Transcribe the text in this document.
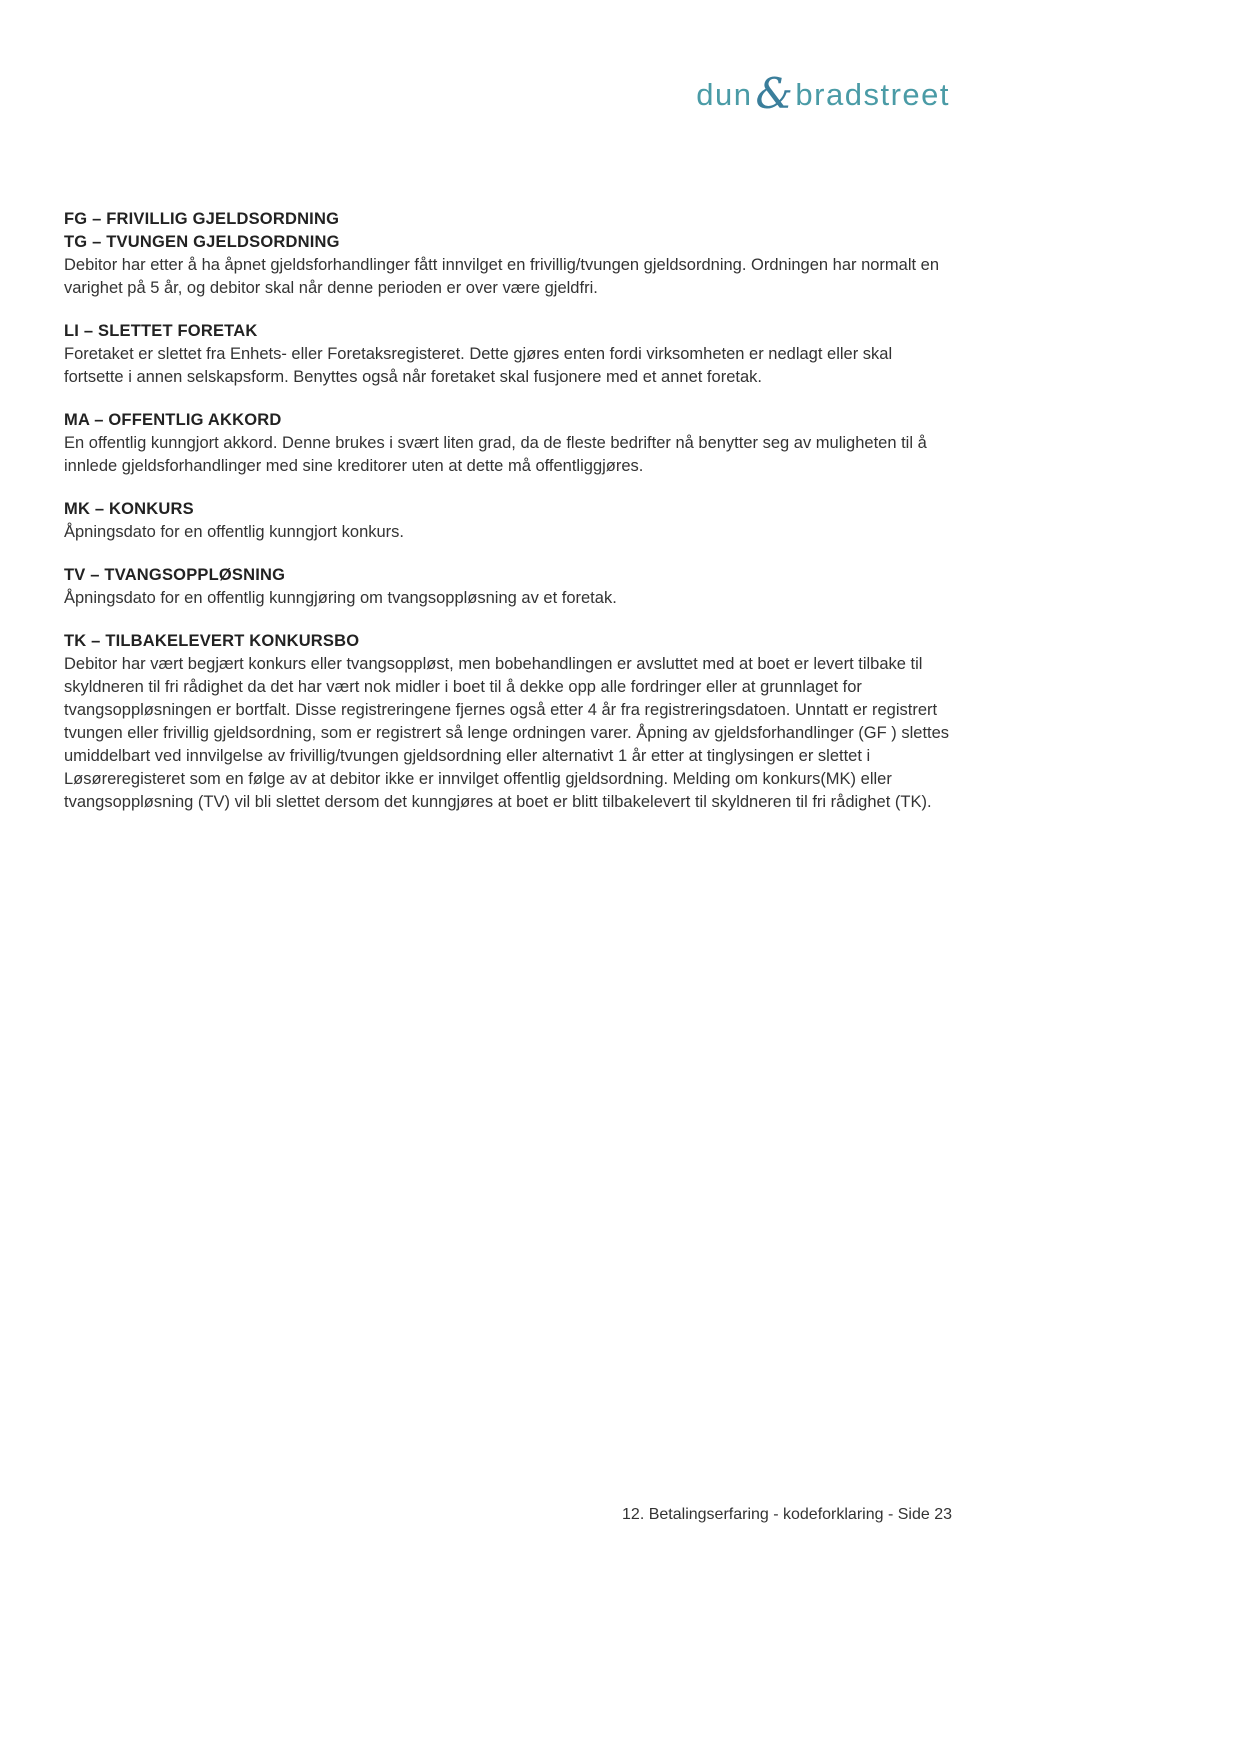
dun & bradstreet
FG – FRIVILLIG GJELDSORDNING
TG – TVUNGEN GJELDSORDNING

Debitor har etter å ha åpnet gjeldsforhandlinger fått innvilget en frivillig/tvungen gjeldsordning. Ordningen har normalt en varighet på 5 år, og debitor skal når denne perioden er over være gjeldfri.

LI – SLETTET FORETAK

Foretaket er slettet fra Enhets- eller Foretaksregisteret. Dette gjøres enten fordi virksomheten er nedlagt eller skal fortsette i annen selskapsform. Benyttes også når foretaket skal fusjonere med et annet foretak.

MA – OFFENTLIG AKKORD

En offentlig kunngjort akkord. Denne brukes i svært liten grad, da de fleste bedrifter nå benytter seg av muligheten til å innlede gjeldsforhandlinger med sine kreditorer uten at dette må offentliggjøres.

MK – KONKURS

Åpningsdato for en offentlig kunngjort konkurs.

TV – TVANGSOPPLØSNING

Åpningsdato for en offentlig kunngjøring om tvangsoppløsning av et foretak.

TK – TILBAKELEVERT KONKURSBO

Debitor har vært begjært konkurs eller tvangsoppløst, men bobehandlingen er avsluttet med at boet er levert tilbake til skyldneren til fri rådighet da det har vært nok midler i boet til å dekke opp alle fordringer eller at grunnlaget for tvangsoppløsningen er bortfalt. Disse registreringene fjernes også etter 4 år fra registreringsdatoen. Unntatt er registrert tvungen eller frivillig gjeldsordning, som er registrert så lenge ordningen varer. Åpning av gjeldsforhandlinger (GF ) slettes umiddelbart ved innvilgelse av frivillig/tvungen gjeldsordning eller alternativt 1 år etter at tinglysingen er slettet i Løsøreregisteret som en følge av at debitor ikke er innvilget offentlig gjeldsordning. Melding om konkurs(MK) eller tvangsoppløsning (TV) vil bli slettet dersom det kunngjøres at boet er blitt tilbakelevert til skyldneren til fri rådighet (TK).

12. Betalingserfaring - kodeforklaring - Side 23
